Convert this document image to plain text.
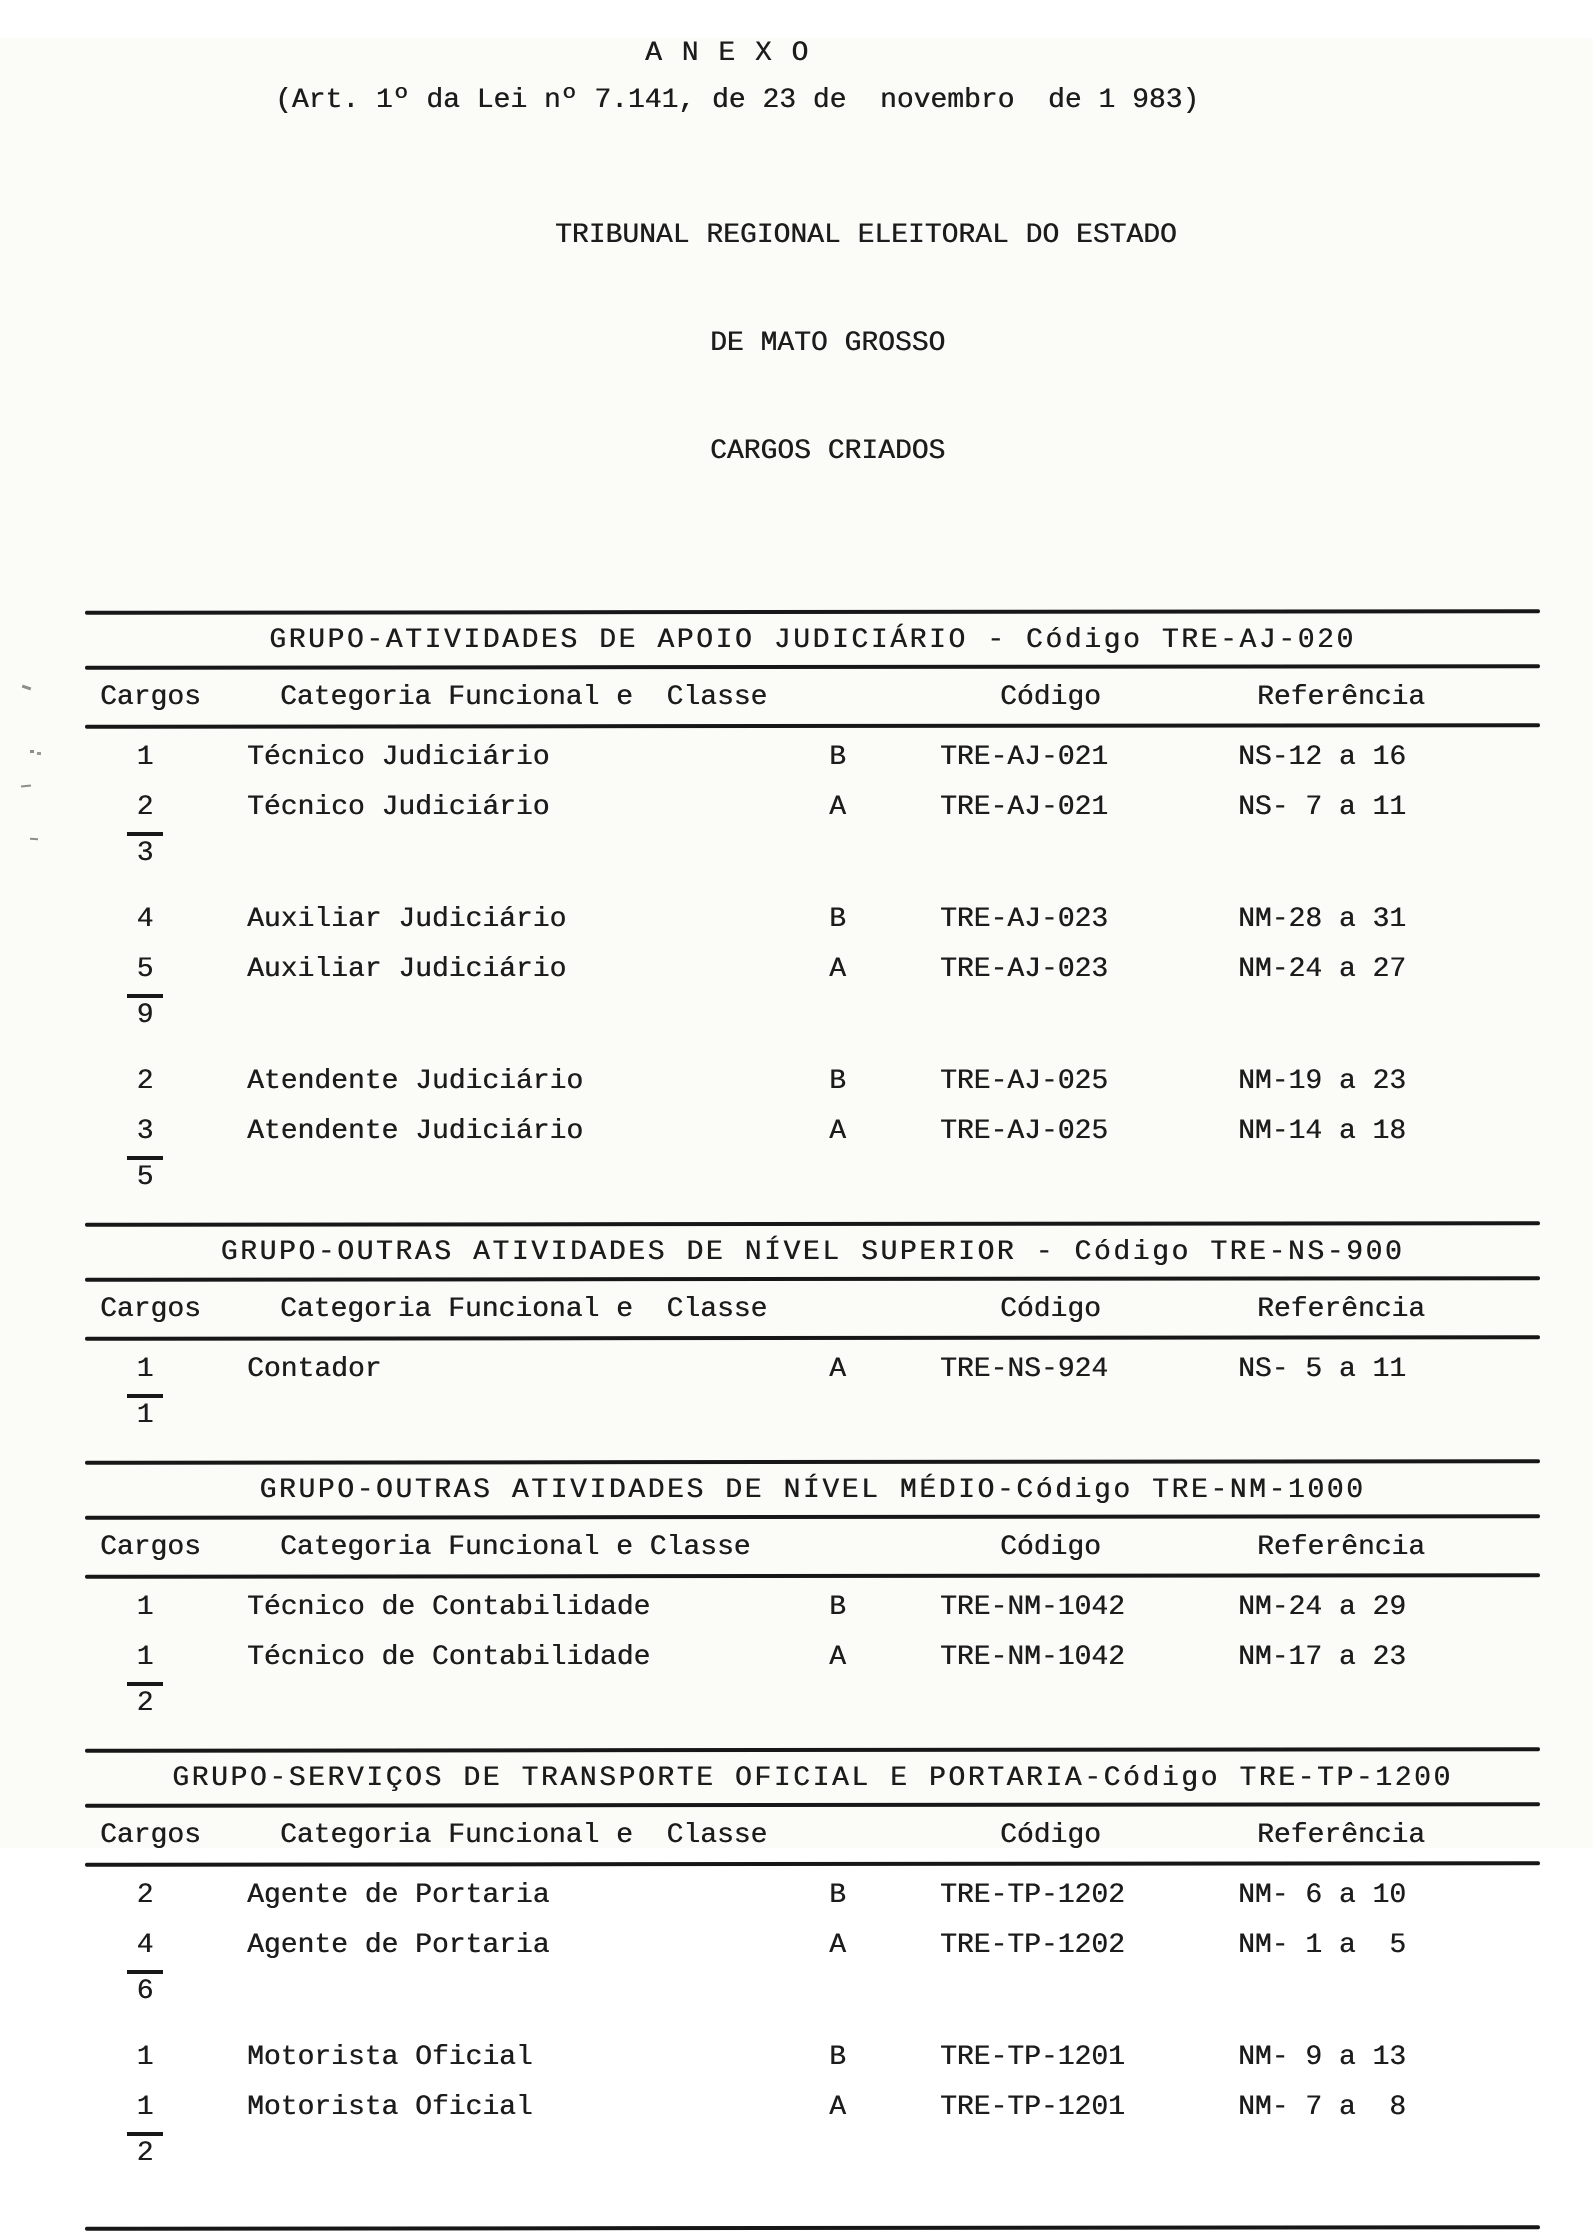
A N E X O
(Art. 1º da Lei nº 7.141, de 23 de  novembro  de 1 983)

TRIBUNAL REGIONAL ELEITORAL DO ESTADO

DE MATO GROSSO

CARGOS CRIADOS

GRUPO-ATIVIDADES DE APOIO JUDICIÁRIO - Código TRE-AJ-020
Cargos	Categoria Funcional e  Classe	Código	Referência
1	Técnico Judiciário	B	TRE-AJ-021	NS-12 a 16
2	Técnico Judiciário	A	TRE-AJ-021	NS- 7 a 11
3
4	Auxiliar Judiciário	B	TRE-AJ-023	NM-28 a 31
5	Auxiliar Judiciário	A	TRE-AJ-023	NM-24 a 27
9
2	Atendente Judiciário	B	TRE-AJ-025	NM-19 a 23
3	Atendente Judiciário	A	TRE-AJ-025	NM-14 a 18
5
GRUPO-OUTRAS ATIVIDADES DE NÍVEL SUPERIOR - Código TRE-NS-900
Cargos	Categoria Funcional e  Classe	Código	Referência
1	Contador	A	TRE-NS-924	NS- 5 a 11
1
GRUPO-OUTRAS ATIVIDADES DE NÍVEL MÉDIO-Código TRE-NM-1000
Cargos	Categoria Funcional e Classe	Código	Referência
1	Técnico de Contabilidade	B	TRE-NM-1042	NM-24 a 29
1	Técnico de Contabilidade	A	TRE-NM-1042	NM-17 a 23
2
GRUPO-SERVIÇOS DE TRANSPORTE OFICIAL E PORTARIA-Código TRE-TP-1200
Cargos	Categoria Funcional e  Classe	Código	Referência
2	Agente de Portaria	B	TRE-TP-1202	NM- 6 a 10
4	Agente de Portaria	A	TRE-TP-1202	NM- 1 a  5
6
1	Motorista Oficial	B	TRE-TP-1201	NM- 9 a 13
1	Motorista Oficial	A	TRE-TP-1201	NM- 7 a  8
2
